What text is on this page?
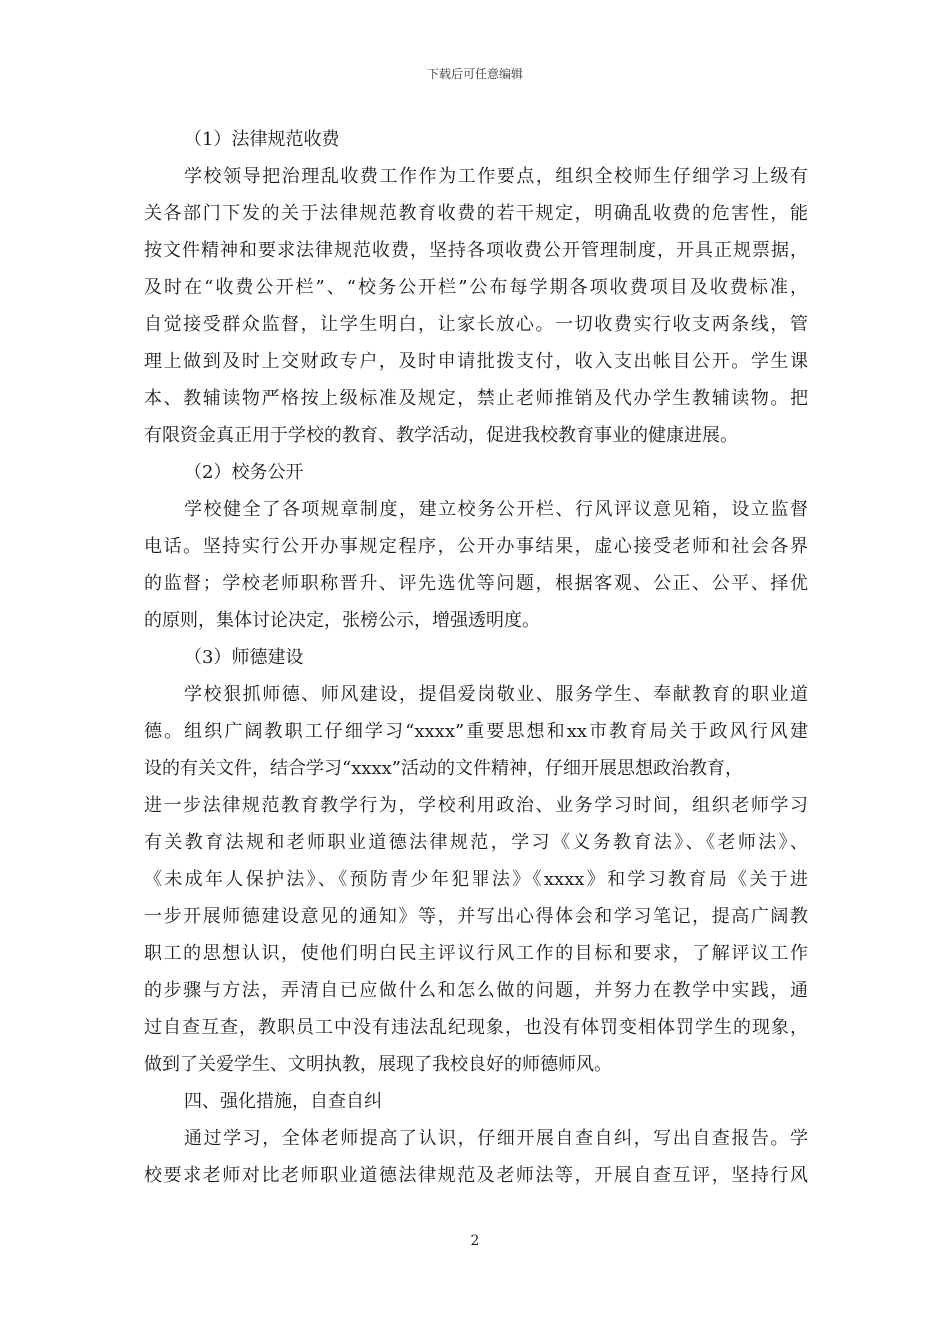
下载后可任意编辑
（1）法律规范收费
学校领导把治理乱收费工作作为工作要点，组织全校师生仔细学习上级有
关各部门下发的关于法律规范教育收费的若干规定，明确乱收费的危害性，能
按文件精神和要求法律规范收费，坚持各项收费公开管理制度，开具正规票据，
及时在“收费公开栏”、“校务公开栏”公布每学期各项收费项目及收费标准，
自觉接受群众监督，让学生明白，让家长放心。一切收费实行收支两条线，管
理上做到及时上交财政专户，及时申请批拨支付，收入支出帐目公开。学生课
本、教辅读物严格按上级标准及规定，禁止老师推销及代办学生教辅读物。把
有限资金真正用于学校的教育、教学活动，促进我校教育事业的健康进展。
（2）校务公开
学校健全了各项规章制度，建立校务公开栏、行风评议意见箱，设立监督
电话。坚持实行公开办事规定程序，公开办事结果，虚心接受老师和社会各界
的监督；学校老师职称晋升、评先选优等问题，根据客观、公正、公平、择优
的原则，集体讨论决定，张榜公示，增强透明度。
（3）师德建设
学校狠抓师德、师风建设，提倡爱岗敬业、服务学生、奉献教育的职业道
德。组织广阔教职工仔细学习“xxxx”重要思想和xx市教育局关于政风行风建
设的有关文件，结合学习“xxxx”活动的文件精神，仔细开展思想政治教育，
进一步法律规范教育教学行为，学校利用政治、业务学习时间，组织老师学习
有关教育法规和老师职业道德法律规范，学习《义务教育法》、《老师法》、
《未成年人保护法》、《预防青少年犯罪法》《xxxx》和学习教育局《关于进
一步开展师德建设意见的通知》等，并写出心得体会和学习笔记，提高广阔教
职工的思想认识，使他们明白民主评议行风工作的目标和要求，了解评议工作
的步骤与方法，弄清自已应做什么和怎么做的问题，并努力在教学中实践，通
过自查互查，教职员工中没有违法乱纪现象，也没有体罚变相体罚学生的现象，
做到了关爱学生、文明执教，展现了我校良好的师德师风。
四、强化措施，自查自纠
通过学习，全体老师提高了认识，仔细开展自查自纠，写出自查报告。学
校要求老师对比老师职业道德法律规范及老师法等，开展自查互评，坚持行风
2
